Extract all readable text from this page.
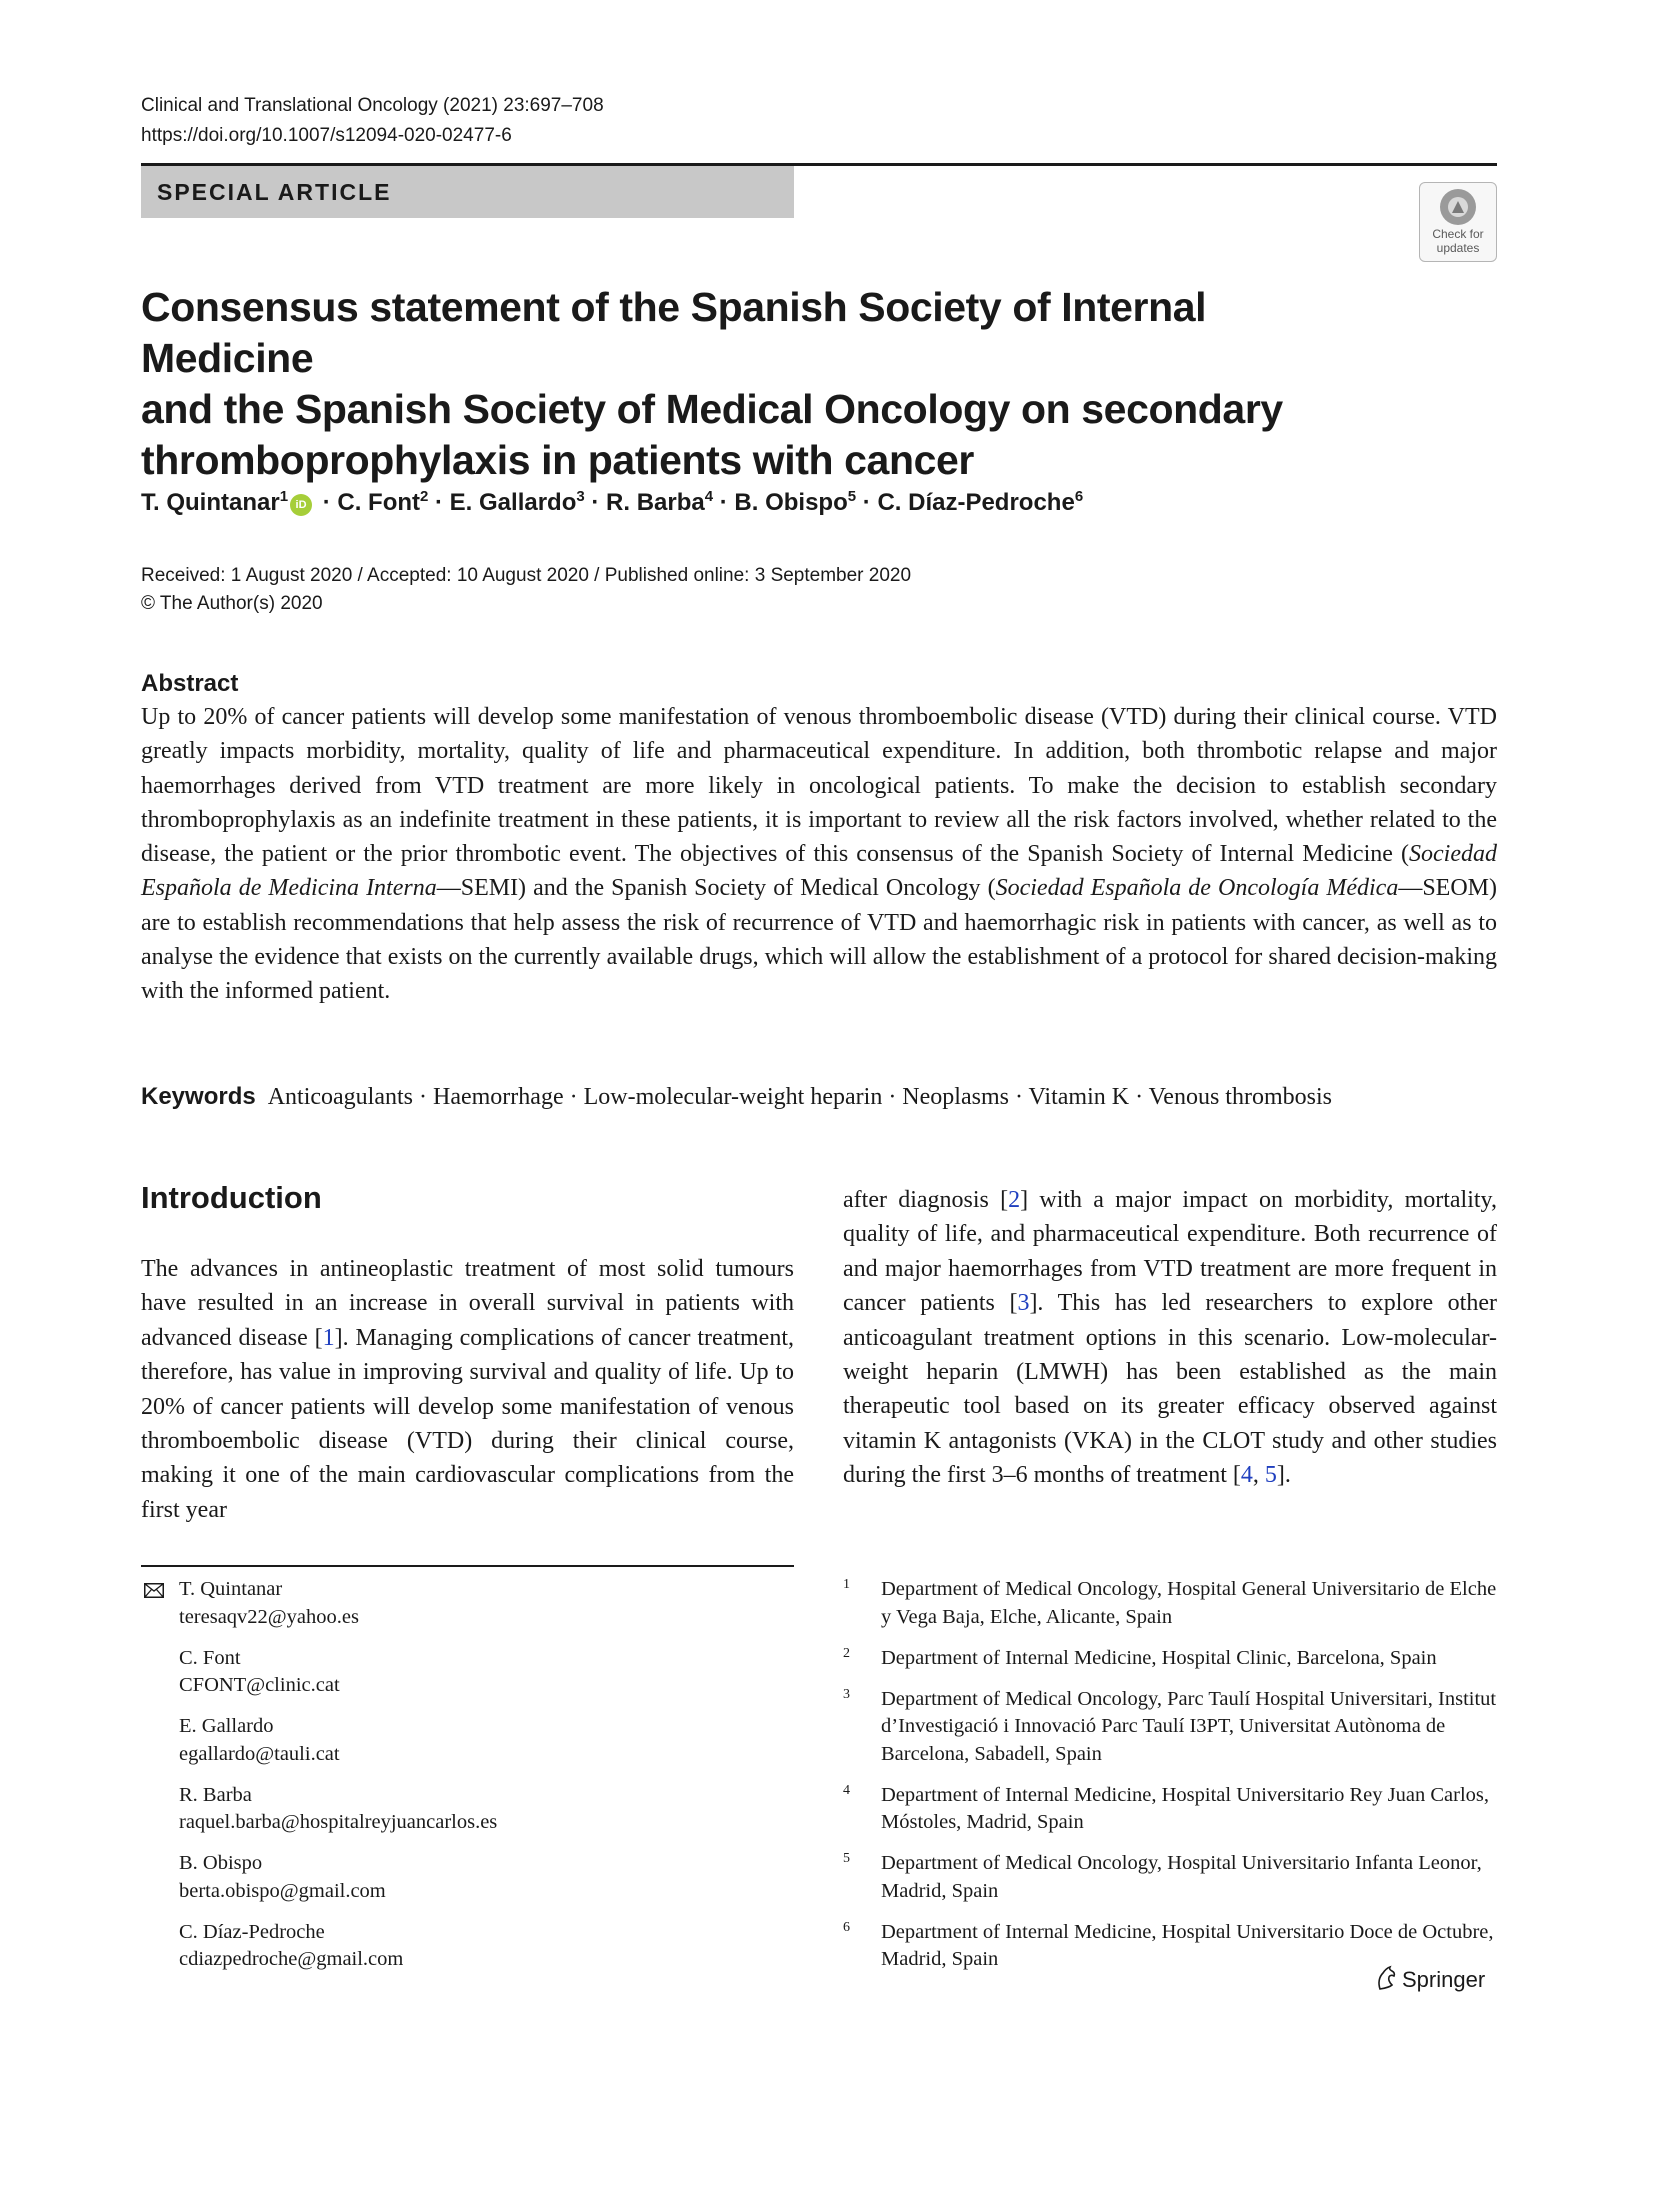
Clinical and Translational Oncology (2021) 23:697–708
https://doi.org/10.1007/s12094-020-02477-6
SPECIAL ARTICLE
Check for
updates
Consensus statement of the Spanish Society of Internal Medicine
and the Spanish Society of Medical Oncology on secondary
thromboprophylaxis in patients with cancer
T. Quintanar$^1$ iD · C. Font$^2$ · E. Gallardo$^3$ · R. Barba$^4$ · B. Obispo$^5$ · C. Díaz‑Pedroche$^6$
Received: 1 August 2020 / Accepted: 10 August 2020 / Published online: 3 September 2020
© The Author(s) 2020
Abstract
Up to 20% of cancer patients will develop some manifestation of venous thromboembolic disease (VTD) during their clinical course. VTD greatly impacts morbidity, mortality, quality of life and pharmaceutical expenditure. In addition, both thrombotic relapse and major haemorrhages derived from VTD treatment are more likely in oncological patients. To make the decision to establish secondary thromboprophylaxis as an indefinite treatment in these patients, it is important to review all the risk factors involved, whether related to the disease, the patient or the prior thrombotic event. The objectives of this consensus of the Spanish Society of Internal Medicine (Sociedad Española de Medicina Interna—SEMI) and the Spanish Society of Medical Oncology (Sociedad Española de Oncología Médica—SEOM) are to establish recommendations that help assess the risk of recurrence of VTD and haemorrhagic risk in patients with cancer, as well as to analyse the evidence that exists on the currently available drugs, which will allow the establishment of a protocol for shared decision-making with the informed patient.
Keywords Anticoagulants · Haemorrhage · Low-molecular-weight heparin · Neoplasms · Vitamin K · Venous thrombosis
Introduction
The advances in antineoplastic treatment of most solid tumours have resulted in an increase in overall survival in patients with advanced disease [1]. Managing complications of cancer treatment, therefore, has value in improving survival and quality of life. Up to 20% of cancer patients will develop some manifestation of venous thromboembolic disease (VTD) during their clinical course, making it one of the main cardiovascular complications from the first year
after diagnosis [2] with a major impact on morbidity, mortality, quality of life, and pharmaceutical expenditure. Both recurrence of and major haemorrhages from VTD treatment are more frequent in cancer patients [3]. This has led researchers to explore other anticoagulant treatment options in this scenario. Low-molecular-weight heparin (LMWH) has been established as the main therapeutic tool based on its greater efficacy observed against vitamin K antagonists (VKA) in the CLOT study and other studies during the first 3–6 months of treatment [4, 5].
T. Quintanar
teresaqv22@yahoo.es
C. Font
CFONT@clinic.cat
E. Gallardo
egallardo@tauli.cat
R. Barba
raquel.barba@hospitalreyjuancarlos.es
B. Obispo
berta.obispo@gmail.com
C. Díaz‑Pedroche
cdiazpedroche@gmail.com
1 Department of Medical Oncology, Hospital General Universitario de Elche y Vega Baja, Elche, Alicante, Spain
2 Department of Internal Medicine, Hospital Clinic, Barcelona, Spain
3 Department of Medical Oncology, Parc Taulí Hospital Universitari, Institut d’Investigació i Innovació Parc Taulí I3PT, Universitat Autònoma de Barcelona, Sabadell, Spain
4 Department of Internal Medicine, Hospital Universitario Rey Juan Carlos, Móstoles, Madrid, Spain
5 Department of Medical Oncology, Hospital Universitario Infanta Leonor, Madrid, Spain
6 Department of Internal Medicine, Hospital Universitario Doce de Octubre, Madrid, Spain
Springer
